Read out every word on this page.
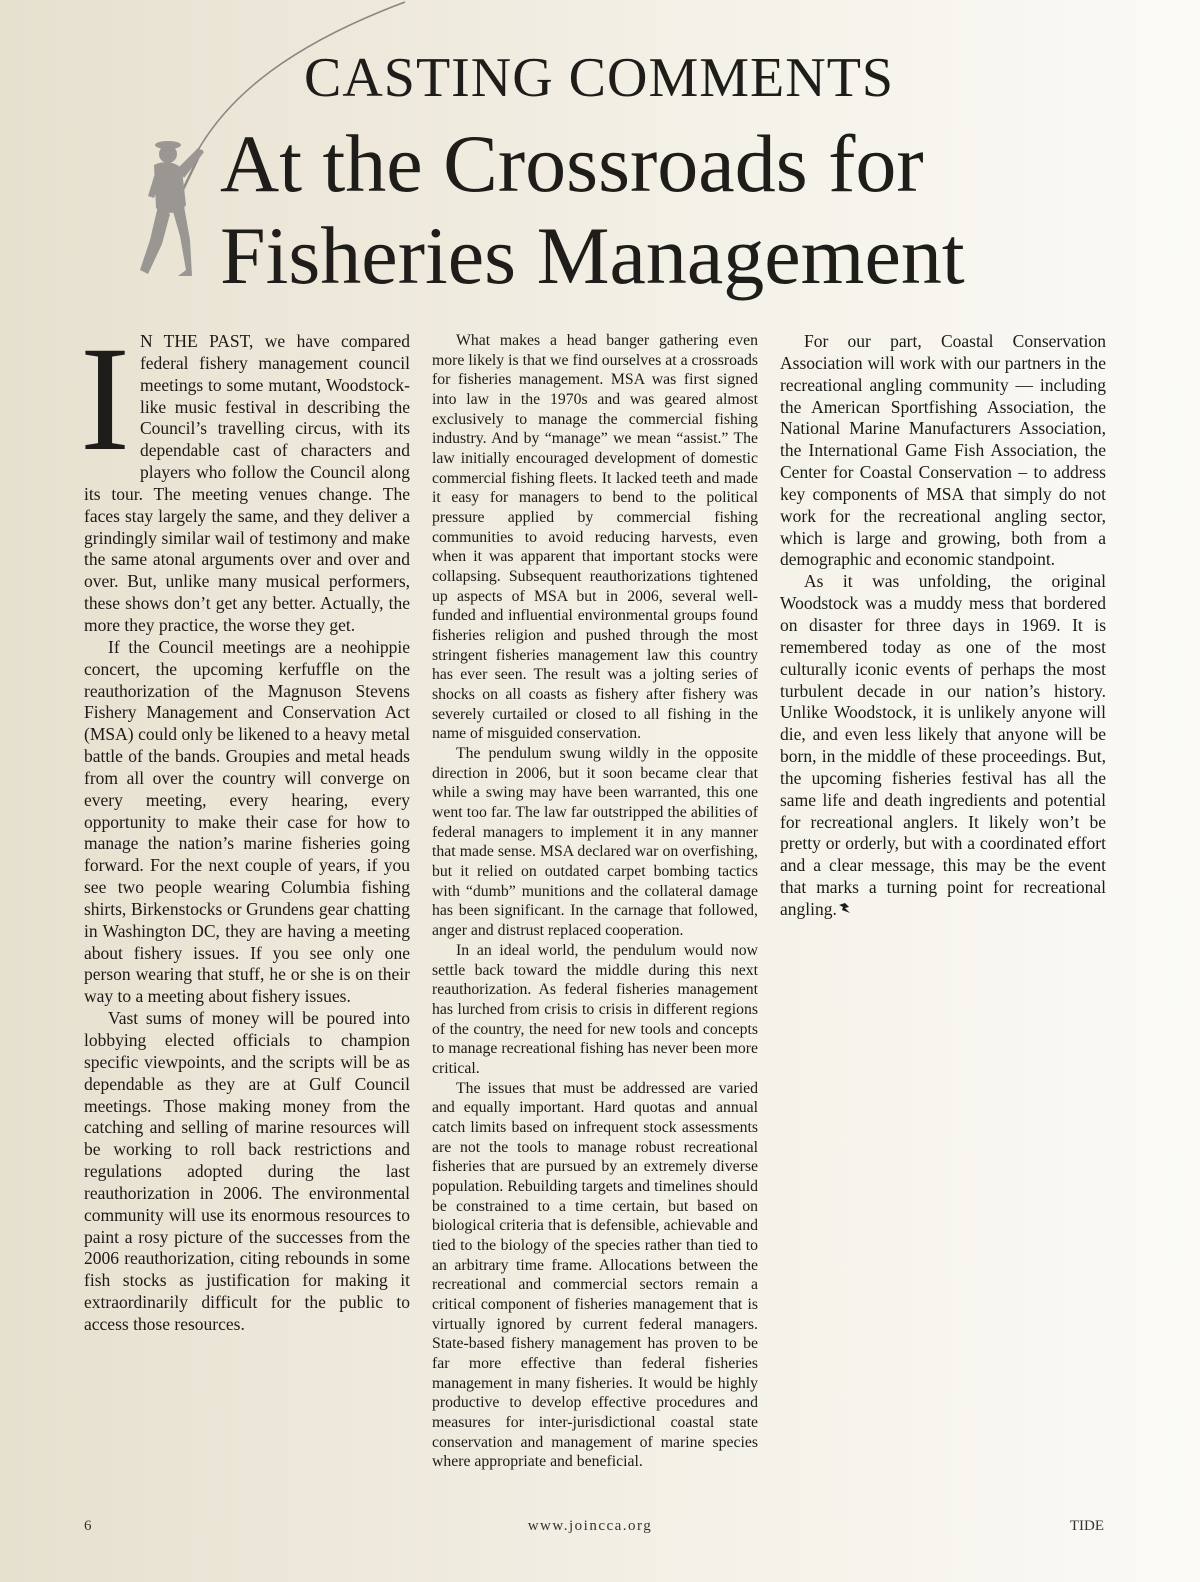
CASTING COMMENTS
At the Crossroads for
Fisheries Management

IN THE PAST, we have compared federal fishery management council meetings to some mutant, Woodstock-like music festival in describing the Council’s travelling circus, with its dependable cast of characters and players who follow the Council along its tour. The meeting venues change. The faces stay largely the same, and they deliver a grindingly similar wail of testimony and make the same atonal arguments over and over and over. But, unlike many musical performers, these shows don’t get any better. Actually, the more they practice, the worse they get.

If the Council meetings are a neohippie concert, the upcoming kerfuffle on the reauthorization of the Magnuson Stevens Fishery Management and Conservation Act (MSA) could only be likened to a heavy metal battle of the bands. Groupies and metal heads from all over the country will converge on every meeting, every hearing, every opportunity to make their case for how to manage the nation’s marine fisheries going forward. For the next couple of years, if you see two people wearing Columbia fishing shirts, Birkenstocks or Grundens gear chatting in Washington DC, they are having a meeting about fishery issues. If you see only one person wearing that stuff, he or she is on their way to a meeting about fishery issues.

Vast sums of money will be poured into lobbying elected officials to champion specific viewpoints, and the scripts will be as dependable as they are at Gulf Council meetings. Those making money from the catching and selling of marine resources will be working to roll back restrictions and regulations adopted during the last reauthorization in 2006. The environmental community will use its enormous resources to paint a rosy picture of the successes from the 2006 reauthorization, citing rebounds in some fish stocks as justification for making it extraordinarily difficult for the public to access those resources.

What makes a head banger gathering even more likely is that we find ourselves at a crossroads for fisheries management. MSA was first signed into law in the 1970s and was geared almost exclusively to manage the commercial fishing industry. And by “manage” we mean “assist.” The law initially encouraged development of domestic commercial fishing fleets. It lacked teeth and made it easy for managers to bend to the political pressure applied by commercial fishing communities to avoid reducing harvests, even when it was apparent that important stocks were collapsing. Subsequent reauthorizations tightened up aspects of MSA but in 2006, several well-funded and influential environmental groups found fisheries religion and pushed through the most stringent fisheries management law this country has ever seen. The result was a jolting series of shocks on all coasts as fishery after fishery was severely curtailed or closed to all fishing in the name of misguided conservation.

The pendulum swung wildly in the opposite direction in 2006, but it soon became clear that while a swing may have been warranted, this one went too far. The law far outstripped the abilities of federal managers to implement it in any manner that made sense. MSA declared war on overfishing, but it relied on outdated carpet bombing tactics with “dumb” munitions and the collateral damage has been significant. In the carnage that followed, anger and distrust replaced cooperation.

In an ideal world, the pendulum would now settle back toward the middle during this next reauthorization. As federal fisheries management has lurched from crisis to crisis in different regions of the country, the need for new tools and concepts to manage recreational fishing has never been more critical.

The issues that must be addressed are varied and equally important. Hard quotas and annual catch limits based on infrequent stock assessments are not the tools to manage robust recreational fisheries that are pursued by an extremely diverse population. Rebuilding targets and timelines should be constrained to a time certain, but based on biological criteria that is defensible, achievable and tied to the biology of the species rather than tied to an arbitrary time frame. Allocations between the recreational and commercial sectors remain a critical component of fisheries management that is virtually ignored by current federal managers. State-based fishery management has proven to be far more effective than federal fisheries management in many fisheries. It would be highly productive to develop effective procedures and measures for inter-jurisdictional coastal state conservation and management of marine species where appropriate and beneficial.

For our part, Coastal Conservation Association will work with our partners in the recreational angling community — including the American Sportfishing Association, the National Marine Manufacturers Association, the International Game Fish Association, the Center for Coastal Conservation – to address key components of MSA that simply do not work for the recreational angling sector, which is large and growing, both from a demographic and economic standpoint.

As it was unfolding, the original Woodstock was a muddy mess that bordered on disaster for three days in 1969. It is remembered today as one of the most culturally iconic events of perhaps the most turbulent decade in our nation’s history. Unlike Woodstock, it is unlikely anyone will die, and even less likely that anyone will be born, in the middle of these proceedings. But, the upcoming fisheries festival has all the same life and death ingredients and potential for recreational anglers. It likely won’t be pretty or orderly, but with a coordinated effort and a clear message, this may be the event that marks a turning point for recreational angling.

6	www.joincca.org	TIDE
